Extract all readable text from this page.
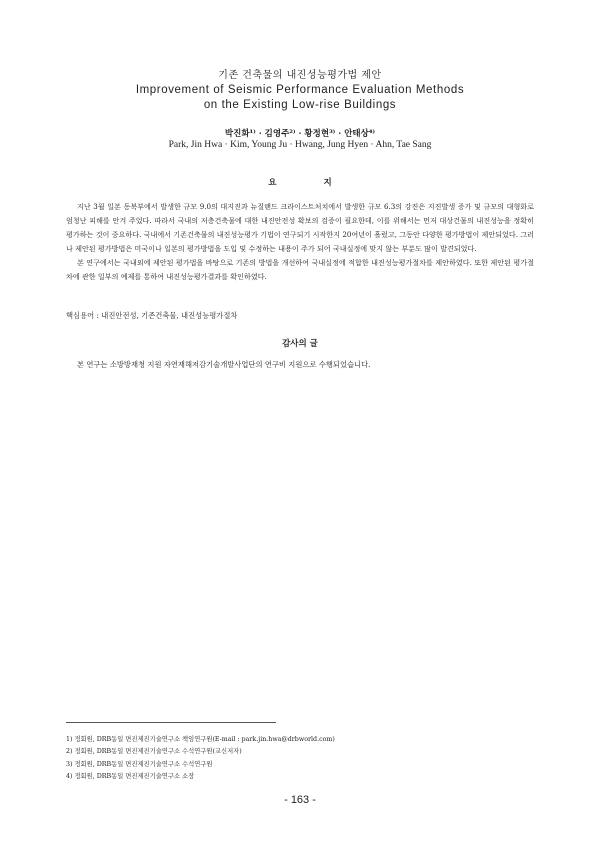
기존 건축물의 내진성능평가법 제안
Improvement of Seismic Performance Evaluation Methods
on the Existing Low-rise Buildings
박진화¹⁾ · 김영주²⁾ · 황정현³⁾ · 안태상⁴⁾
Park, Jin Hwa · Kim, Young Ju · Hwang, Jung Hyen · Ahn, Tae Sang
요 지

지난 3월 일본 동북부에서 발생한 규모 9.0의 대지진과 뉴질랜드 크라이스트처치에서 발생한 규모 6.3의 강진은 지진발생 증가 및 규모의 대형화로 엄청난 피해를 안겨 주었다. 따라서 국내의 저층건축물에 대한 내진안전성 확보의 검증이 필요한데, 이를 위해서는 먼저 대상건물의 내진성능을 정확히 평가하는 것이 중요하다. 국내에서 기존건축물의 내진성능평가 기법이 연구되기 시작한지 20여년이 흘렀고, 그동안 다양한 평가방법이 제안되었다. 그러나 제안된 평가방법은 미국이나 일본의 평가방법을 도입 및 수정하는 내용이 주가 되어 국내실정에 맞지 않는 부분도 많이 발견되었다.

본 연구에서는 국내외에 제안된 평가법을 바탕으로 기존의 방법을 개선하여 국내실정에 적합한 내진성능평가절차를 제안하였다. 또한 제안된 평가절차에 관한 일부의 예제를 통하여 내진성능평가결과를 확인하였다.

핵심용어 : 내진안전성, 기존건축물, 내진성능평가절차
감사의 글
본 연구는 소방방재청 지원 자연재해저감기술개발사업단의 연구비 지원으로 수행되었습니다.
1) 정회원, DRB동일 면진제진기술연구소 책임연구원(E-mail : park.jin.hwa@drbworld.com)
2) 정회원, DRB동일 면진제진기술연구소 수석연구원(교신저자)
3) 정회원, DRB동일 면진제진기술연구소 수석연구원
4) 정회원, DRB동일 면진제진기술연구소 소장
- 163 -
